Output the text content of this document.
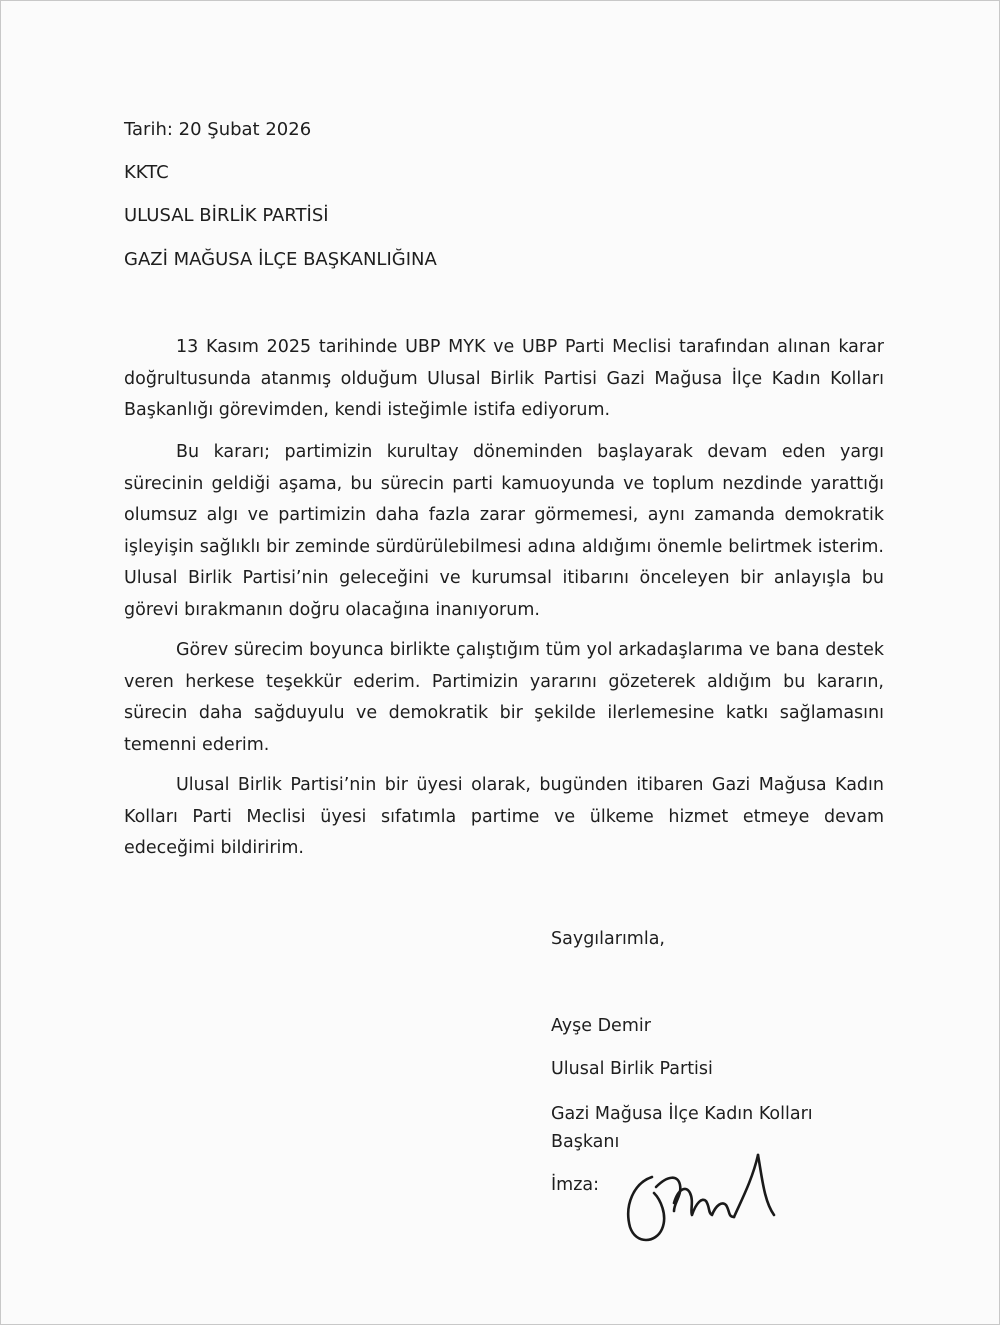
Tarih: 20 Şubat 2026
KKTC
ULUSAL BİRLİK PARTİSİ
GAZİ MAĞUSA İLÇE BAŞKANLIĞINA

13 Kasım 2025 tarihinde UBP MYK ve UBP Parti Meclisi tarafından alınan karar doğrultusunda atanmış olduğum Ulusal Birlik Partisi Gazi Mağusa İlçe Kadın Kolları Başkanlığı görevimden, kendi isteğimle istifa ediyorum.

Bu kararı; partimizin kurultay döneminden başlayarak devam eden yargı sürecinin geldiği aşama, bu sürecin parti kamuoyunda ve toplum nezdinde yarattığı olumsuz algı ve partimizin daha fazla zarar görmemesi, aynı zamanda demokratik işleyişin sağlıklı bir zeminde sürdürülebilmesi adına aldığımı önemle belirtmek isterim. Ulusal Birlik Partisi’nin geleceğini ve kurumsal itibarını önceleyen bir anlayışla bu görevi bırakmanın doğru olacağına inanıyorum.

Görev sürecim boyunca birlikte çalıştığım tüm yol arkadaşlarıma ve bana destek veren herkese teşekkür ederim. Partimizin yararını gözeterek aldığım bu kararın, sürecin daha sağduyulu ve demokratik bir şekilde ilerlemesine katkı sağlamasını temenni ederim.

Ulusal Birlik Partisi’nin bir üyesi olarak, bugünden itibaren Gazi Mağusa Kadın Kolları Parti Meclisi üyesi sıfatımla partime ve ülkeme hizmet etmeye devam edeceğimi bildiririm.

Saygılarımla,
Ayşe Demir
Ulusal Birlik Partisi
Gazi Mağusa İlçe Kadın Kolları
Başkanı
İmza:
